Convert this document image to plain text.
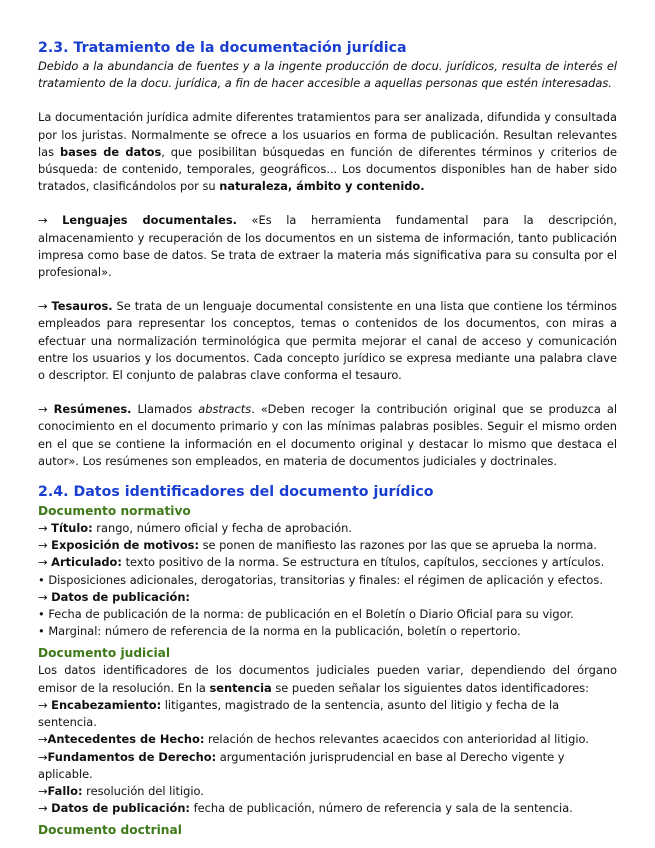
2.3. Tratamiento de la documentación jurídica

Debido a la abundancia de fuentes y a la ingente producción de docu. jurídicos, resulta de interés el tratamiento de la docu. jurídica, a fin de hacer accesible a aquellas personas que estén interesadas.

La documentación jurídica admite diferentes tratamientos para ser analizada, difundida y consultada por los juristas. Normalmente se ofrece a los usuarios en forma de publicación. Resultan relevantes las bases de datos, que posibilitan búsquedas en función de diferentes términos y criterios de búsqueda: de contenido, temporales, geográficos... Los documentos disponibles han de haber sido tratados, clasificándolos por su naturaleza, ámbito y contenido.

→ Lenguajes documentales. «Es la herramienta fundamental para la descripción, almacenamiento y recuperación de los documentos en un sistema de información, tanto publicación impresa como base de datos. Se trata de extraer la materia más significativa para su consulta por el profesional».

→ Tesauros. Se trata de un lenguaje documental consistente en una lista que contiene los términos empleados para representar los conceptos, temas o contenidos de los documentos, con miras a efectuar una normalización terminológica que permita mejorar el canal de acceso y comunicación entre los usuarios y los documentos. Cada concepto jurídico se expresa mediante una palabra clave o descriptor. El conjunto de palabras clave conforma el tesauro.

→ Resúmenes. Llamados abstracts. «Deben recoger la contribución original que se produzca al conocimiento en el documento primario y con las mínimas palabras posibles. Seguir el mismo orden en el que se contiene la información en el documento original y destacar lo mismo que destaca el autor». Los resúmenes son empleados, en materia de documentos judiciales y doctrinales.

2.4. Datos identificadores del documento jurídico
Documento normativo
→ Título: rango, número oficial y fecha de aprobación.
→ Exposición de motivos: se ponen de manifiesto las razones por las que se aprueba la norma.
→ Articulado: texto positivo de la norma. Se estructura en títulos, capítulos, secciones y artículos.
• Disposiciones adicionales, derogatorias, transitorias y finales: el régimen de aplicación y efectos.
→ Datos de publicación:
• Fecha de publicación de la norma: de publicación en el Boletín o Diario Oficial para su vigor.
• Marginal: número de referencia de la norma en la publicación, boletín o repertorio.
Documento judicial

Los datos identificadores de los documentos judiciales pueden variar, dependiendo del órgano emisor de la resolución. En la sentencia se pueden señalar los siguientes datos identificadores:

→ Encabezamiento: litigantes, magistrado de la sentencia, asunto del litigio y fecha de la sentencia.
→Antecedentes de Hecho: relación de hechos relevantes acaecidos con anterioridad al litigio.
→Fundamentos de Derecho: argumentación jurisprudencial en base al Derecho vigente y aplicable.
→Fallo: resolución del litigio.
→ Datos de publicación: fecha de publicación, número de referencia y sala de la sentencia.
Documento doctrinal
